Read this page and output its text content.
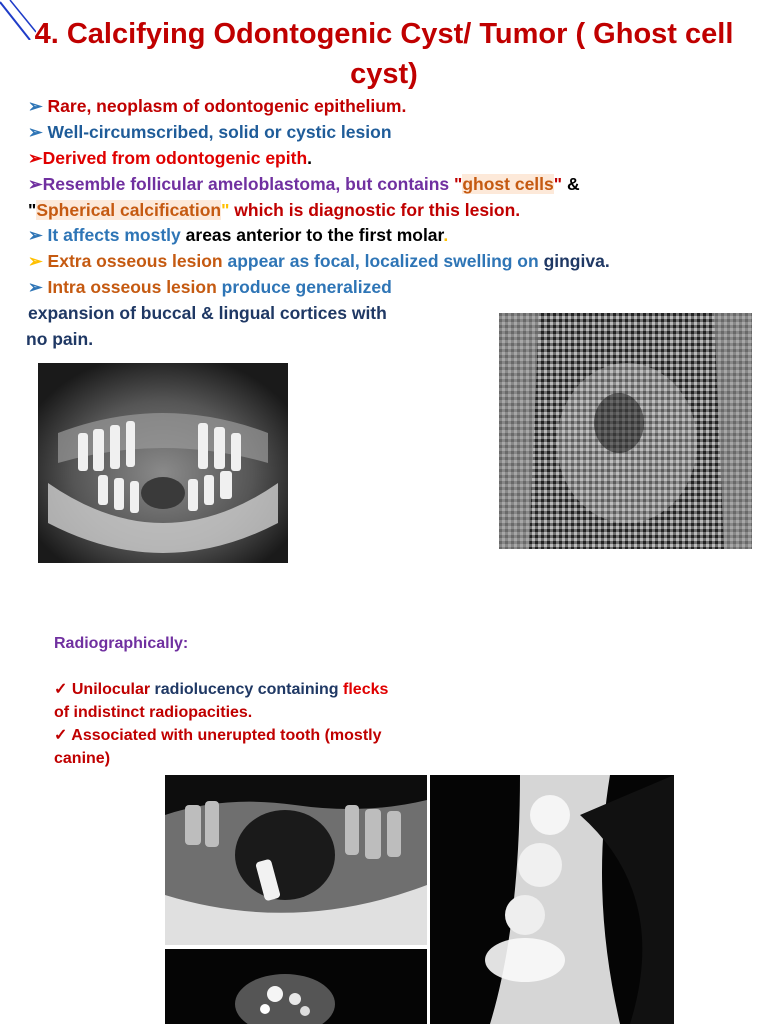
4. Calcifying Odontogenic Cyst/ Tumor ( Ghost cell
cyst)
➢ Rare, neoplasm of odontogenic epithelium.
➢ Well-circumscribed, solid or cystic lesion
➢Derived from odontogenic epith.
➢Resemble follicular ameloblastoma, but contains "ghost cells" &
"Spherical calcification" which is diagnostic for this lesion.
➢ It affects mostly areas anterior to the first molar.
➢ Extra osseous lesion appear as focal, localized swelling on gingiva.
➢ Intra osseous lesion produce generalized
expansion of buccal & lingual cortices with
no pain.
Radiographically:
✓ Unilocular radiolucency containing flecks
of indistinct radiopacities.
✓ Associated with unerupted tooth (mostly
canine)
